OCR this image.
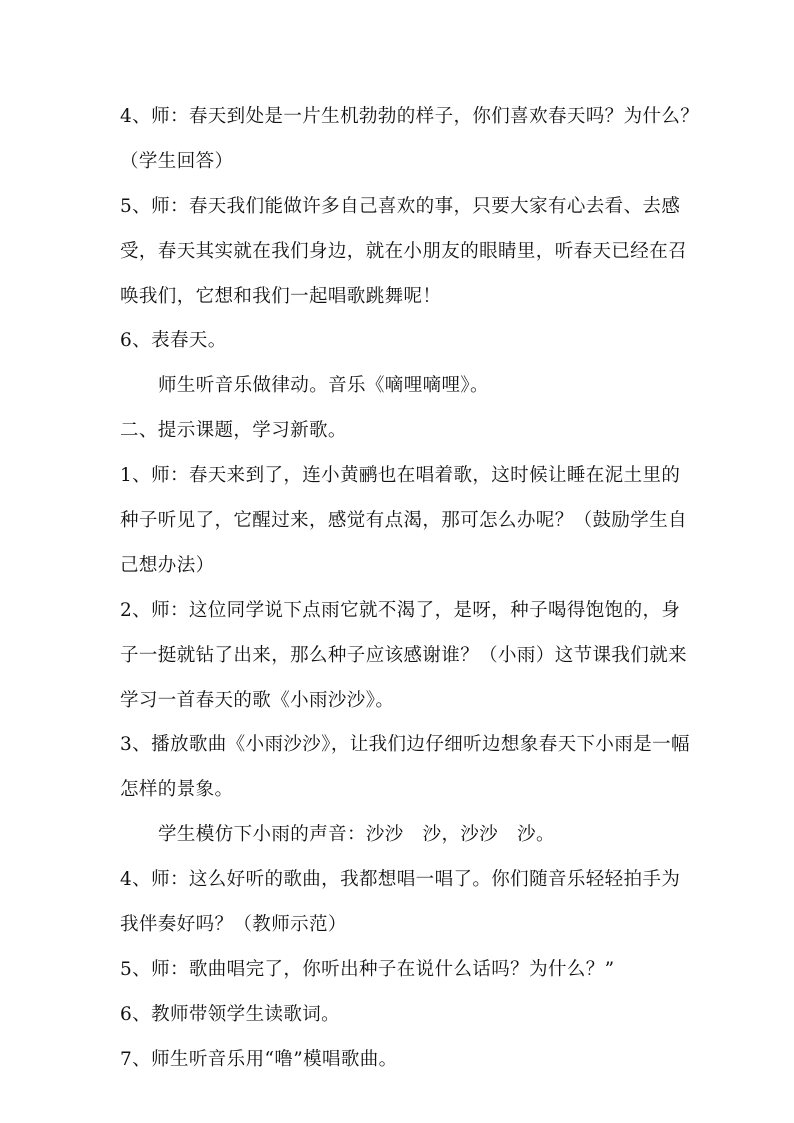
4、师：春天到处是一片生机勃勃的样子，你们喜欢春天吗？为什么？
（学生回答）
5、师：春天我们能做许多自己喜欢的事，只要大家有心去看、去感
受，春天其实就在我们身边，就在小朋友的眼睛里，听春天已经在召
唤我们，它想和我们一起唱歌跳舞呢！
6、表春天。
师生听音乐做律动。音乐《嘀哩嘀哩》。
二、提示课题，学习新歌。
1、师：春天来到了，连小黄鹂也在唱着歌，这时候让睡在泥土里的
种子听见了，它醒过来，感觉有点渴，那可怎么办呢？（鼓励学生自
己想办法）
2、师：这位同学说下点雨它就不渴了，是呀，种子喝得饱饱的，身
子一挺就钻了出来，那么种子应该感谢谁？（小雨）这节课我们就来
学习一首春天的歌《小雨沙沙》。
3、播放歌曲《小雨沙沙》，让我们边仔细听边想象春天下小雨是一幅
怎样的景象。
学生模仿下小雨的声音：沙沙　沙，沙沙　沙。
4、师：这么好听的歌曲，我都想唱一唱了。你们随音乐轻轻拍手为
我伴奏好吗？（教师示范）
5、师：歌曲唱完了，你听出种子在说什么话吗？为什么？”
6、教师带领学生读歌词。
7、师生听音乐用“噜”模唱歌曲。
